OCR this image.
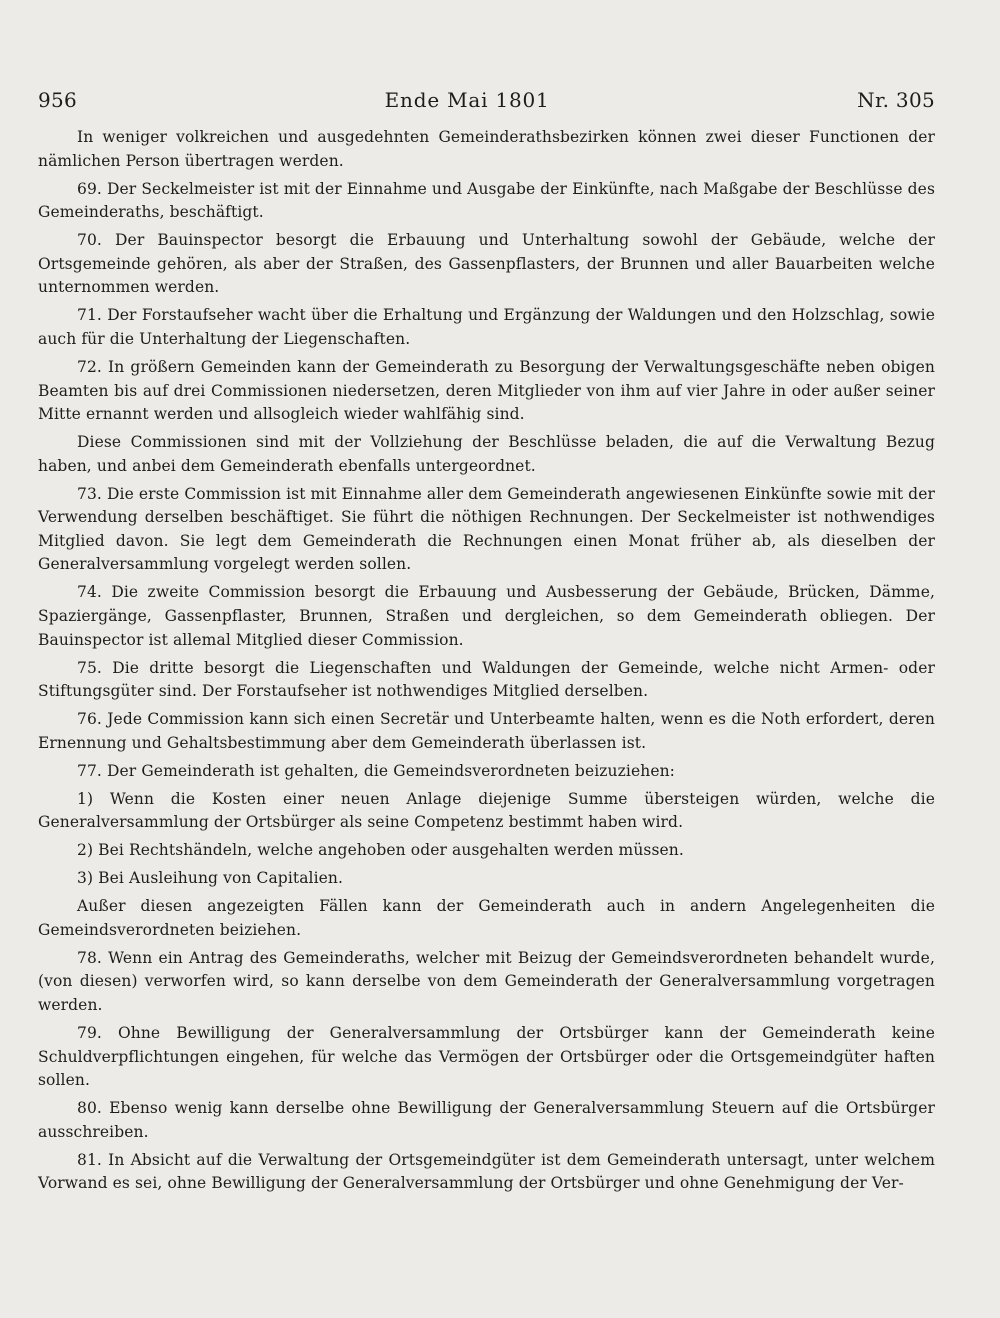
956	Ende Mai 1801	Nr. 305

In weniger volkreichen und ausgedehnten Gemeinderathsbezirken können zwei dieser Functionen der nämlichen Person übertragen werden.

69. Der Seckelmeister ist mit der Einnahme und Ausgabe der Einkünfte, nach Maßgabe der Beschlüsse des Gemeinderaths, beschäftigt.

70. Der Bauinspector besorgt die Erbauung und Unterhaltung sowohl der Gebäude, welche der Ortsgemeinde gehören, als aber der Straßen, des Gassenpflasters, der Brunnen und aller Bauarbeiten welche unternommen werden.

71. Der Forstaufseher wacht über die Erhaltung und Ergänzung der Waldungen und den Holzschlag, sowie auch für die Unterhaltung der Liegenschaften.

72. In größern Gemeinden kann der Gemeinderath zu Besorgung der Verwaltungsgeschäfte neben obigen Beamten bis auf drei Commissionen niedersetzen, deren Mitglieder von ihm auf vier Jahre in oder außer seiner Mitte ernannt werden und allsogleich wieder wahlfähig sind.

Diese Commissionen sind mit der Vollziehung der Beschlüsse beladen, die auf die Verwaltung Bezug haben, und anbei dem Gemeinderath ebenfalls untergeordnet.

73. Die erste Commission ist mit Einnahme aller dem Gemeinderath angewiesenen Einkünfte sowie mit der Verwendung derselben beschäftiget. Sie führt die nöthigen Rechnungen. Der Seckelmeister ist nothwendiges Mitglied davon. Sie legt dem Gemeinderath die Rechnungen einen Monat früher ab, als dieselben der Generalversammlung vorgelegt werden sollen.

74. Die zweite Commission besorgt die Erbauung und Ausbesserung der Gebäude, Brücken, Dämme, Spaziergänge, Gassenpflaster, Brunnen, Straßen und dergleichen, so dem Gemeinderath obliegen. Der Bauinspector ist allemal Mitglied dieser Commission.

75. Die dritte besorgt die Liegenschaften und Waldungen der Gemeinde, welche nicht Armen- oder Stiftungsgüter sind. Der Forstaufseher ist nothwendiges Mitglied derselben.

76. Jede Commission kann sich einen Secretär und Unterbeamte halten, wenn es die Noth erfordert, deren Ernennung und Gehaltsbestimmung aber dem Gemeinderath überlassen ist.

77. Der Gemeinderath ist gehalten, die Gemeindsverordneten beizuziehen:

1) Wenn die Kosten einer neuen Anlage diejenige Summe übersteigen würden, welche die Generalversammlung der Ortsbürger als seine Competenz bestimmt haben wird.

2) Bei Rechtshändeln, welche angehoben oder ausgehalten werden müssen.

3) Bei Ausleihung von Capitalien.

Außer diesen angezeigten Fällen kann der Gemeinderath auch in andern Angelegenheiten die Gemeindsverordneten beiziehen.

78. Wenn ein Antrag des Gemeinderaths, welcher mit Beizug der Gemeindsverordneten behandelt wurde, (von diesen) verworfen wird, so kann derselbe von dem Gemeinderath der Generalversammlung vorgetragen werden.

79. Ohne Bewilligung der Generalversammlung der Ortsbürger kann der Gemeinderath keine Schuldverpflichtungen eingehen, für welche das Vermögen der Ortsbürger oder die Ortsgemeindgüter haften sollen.

80. Ebenso wenig kann derselbe ohne Bewilligung der Generalversammlung Steuern auf die Ortsbürger ausschreiben.

81. In Absicht auf die Verwaltung der Ortsgemeindgüter ist dem Gemeinderath untersagt, unter welchem Vorwand es sei, ohne Bewilligung der Generalversammlung der Ortsbürger und ohne Genehmigung der Ver-
